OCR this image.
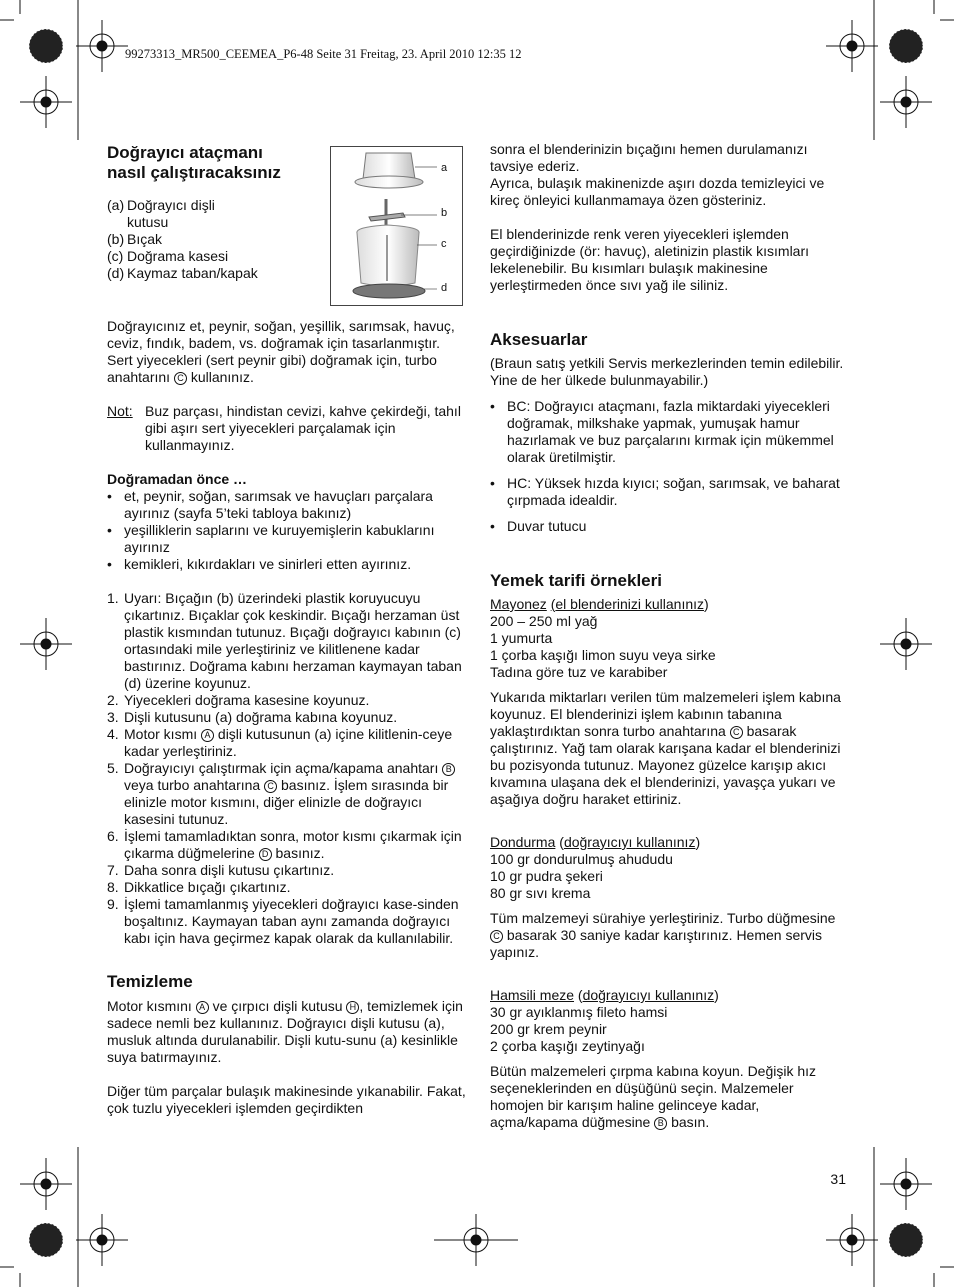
99273313_MR500_CEEMEA_P6-48 Seite 31 Freitag, 23. April 2010 12:35 12
Doğrayıcı ataçmanı
nasıl çalıştıracaksınız
(a) Doğrayıcı dişli kutusu
(b) Bıçak
(c) Doğrama kasesi
(d) Kaymaz taban/kapak

Doğrayıcınız et, peynir, soğan, yeşillik, sarımsak, havuç, ceviz, fındık, badem, vs. doğramak için tasarlanmıştır. Sert yiyecekleri (sert peynir gibi) doğramak için, turbo anahtarını C kullanınız.

Not: Buz parçası, hindistan cevizi, kahve çekirdeği, tahıl gibi aşırı sert yiyecekleri parçalamak için kullanmayınız.

Doğramadan önce …

• et, peynir, soğan, sarımsak ve havuçları parçalara ayırınız (sayfa 5’teki tabloya bakınız)
• yeşilliklerin saplarını ve kuruyemişlerin kabuklarını ayırınız
• kemikleri, kıkırdakları ve sinirleri etten ayırınız.
1. Uyarı: Bıçağın (b) üzerindeki plastik koruyucuyu çıkartınız. Bıçaklar çok keskindir. Bıçağı herzaman üst plastik kısmından tutunuz. Bıçağı doğrayıcı kabının (c) ortasındaki mile yerleştiriniz ve kilitlenene kadar bastırınız. Doğrama kabını herzaman kaymayan taban (d) üzerine koyunuz.
2. Yiyecekleri doğrama kasesine koyunuz.
3. Dişli kutusunu (a) doğrama kabına koyunuz.
4. Motor kısmı A dişli kutusunun (a) içine kilitlenin-ceye kadar yerleştiriniz.
5. Doğrayıcıyı çalıştırmak için açma/kapama anahtarı B veya turbo anahtarına C basınız. İşlem sırasında bir elinizle motor kısmını, diğer elinizle de doğrayıcı kasesini tutunuz.
6. İşlemi tamamladıktan sonra, motor kısmı çıkarmak için çıkarma düğmelerine D basınız.
7. Daha sonra dişli kutusu çıkartınız.
8. Dikkatlice bıçağı çıkartınız.
9. İşlemi tamamlanmış yiyecekleri doğrayıcı kase-sinden boşaltınız. Kaymayan taban aynı zamanda doğrayıcı kabı için hava geçirmez kapak olarak da kullanılabilir.
Temizleme

Motor kısmını A ve çırpıcı dişli kutusu H , temizlemek için sadece nemli bez kullanınız. Doğrayıcı dişli kutusu (a), musluk altında durulanabilir. Dişli kutu-sunu (a) kesinlikle suya batırmayınız.

Diğer tüm parçalar bulaşık makinesinde yıkanabilir. Fakat, çok tuzlu yiyecekleri işlemden geçirdikten

a
b
c
d

sonra el blenderinizin bıçağını hemen durulamanızı tavsiye ederiz.

Ayrıca, bulaşık makinenizde aşırı dozda temizleyici ve kireç önleyici kullanmamaya özen gösteriniz.

El blenderinizde renk veren yiyecekleri işlemden geçirdiğinizde (ör: havuç), aletinizin plastik kısımları lekelenebilir. Bu kısımları bulaşık makinesine yerleştirmeden önce sıvı yağ ile siliniz.

Aksesuarlar

(Braun satış yetkili Servis merkezlerinden temin edilebilir. Yine de her ülkede bulunmayabilir.)

• BC: Doğrayıcı ataçmanı, fazla miktardaki yiyecekleri doğramak, milkshake yapmak, yumuşak hamur hazırlamak ve buz parçalarını kırmak için mükemmel olarak üretilmiştir.
• HC: Yüksek hızda kıyıcı; soğan, sarımsak, ve baharat çırpmada idealdir.
• Duvar tutucu
Yemek tarifi örnekleri

Mayonez (el blenderinizi kullanınız)

200 – 250 ml yağ

1 yumurta

1 çorba kaşığı limon suyu veya sirke

Tadına göre tuz ve karabiber

Yukarıda miktarları verilen tüm malzemeleri işlem kabına koyunuz. El blenderinizi işlem kabının tabanına yaklaştırdıktan sonra turbo anahtarına C basarak çalıştırınız. Yağ tam olarak karışana kadar el blenderinizi bu pozisyonda tutunuz. Mayonez güzelce karışıp akıcı kıvamına ulaşana dek el blenderinizi, yavaşça yukarı ve aşağıya doğru haraket ettiriniz.

Dondurma (doğrayıcıyı kullanınız)

100 gr dondurulmuş ahududu

10 gr pudra şekeri

80 gr sıvı krema

Tüm malzemeyi sürahiye yerleştiriniz. Turbo düğmesine C basarak 30 saniye kadar karıştırınız. Hemen servis yapınız.

Hamsili meze (doğrayıcıyı kullanınız)

30 gr ayıklanmış fileto hamsi

200 gr krem peynir

2 çorba kaşığı zeytinyağı

Bütün malzemeleri çırpma kabına koyun. Değişik hız seçeneklerinden en düşüğünü seçin. Malzemeler homojen bir karışım haline gelinceye kadar, açma/kapama düğmesine B basın.

31
